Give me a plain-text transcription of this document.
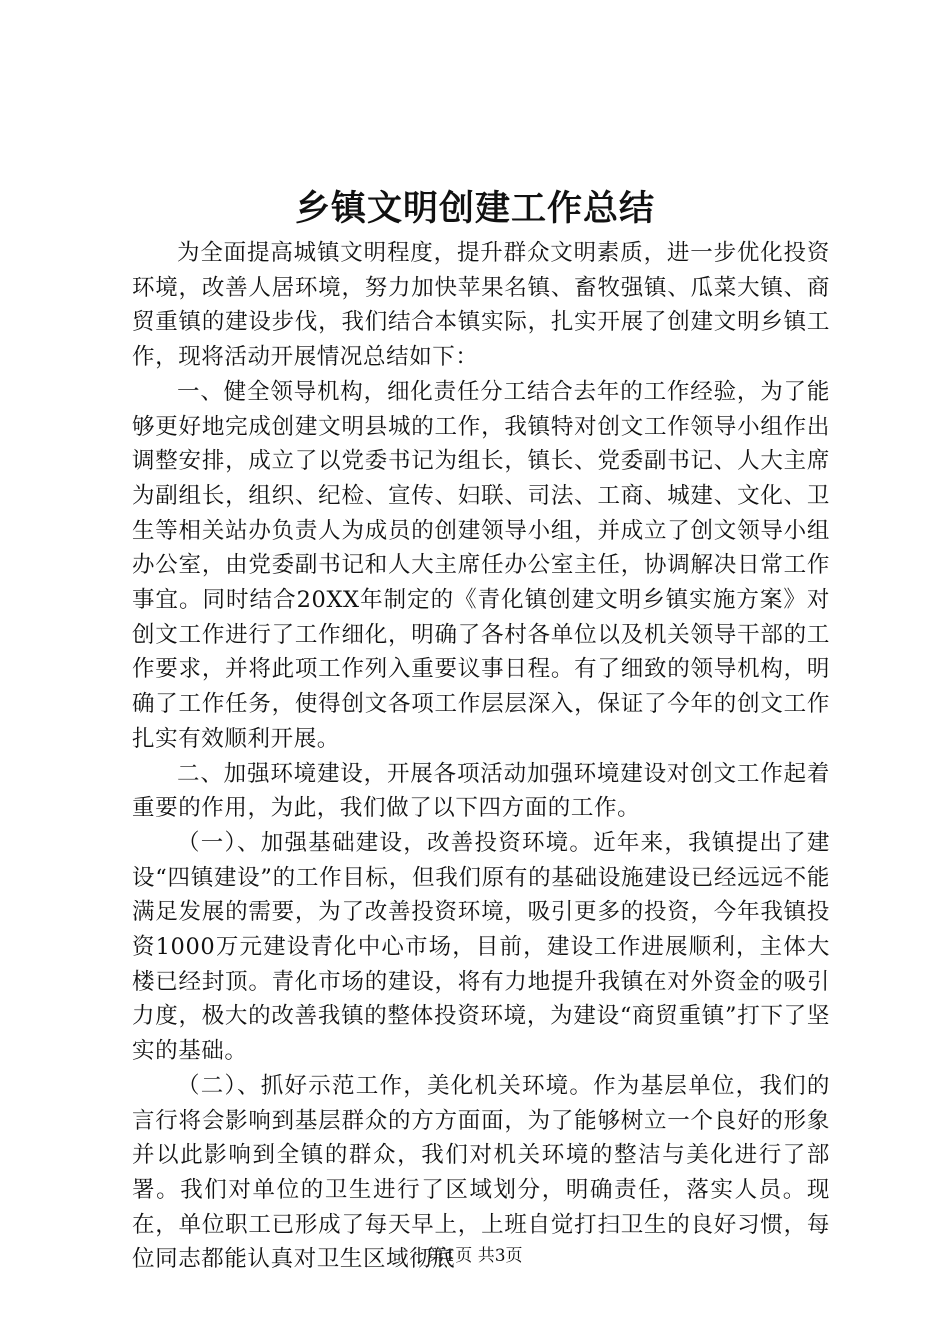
乡镇文明创建工作总结

为全面提高城镇文明程度，提升群众文明素质，进一步优化投资环境，改善人居环境，努力加快苹果名镇、畜牧强镇、瓜菜大镇、商贸重镇的建设步伐，我们结合本镇实际，扎实开展了创建文明乡镇工作，现将活动开展情况总结如下：

一、健全领导机构，细化责任分工结合去年的工作经验，为了能够更好地完成创建文明县城的工作，我镇特对创文工作领导小组作出调整安排，成立了以党委书记为组长，镇长、党委副书记、人大主席为副组长，组织、纪检、宣传、妇联、司法、工商、城建、文化、卫生等相关站办负责人为成员的创建领导小组，并成立了创文领导小组办公室，由党委副书记和人大主席任办公室主任，协调解决日常工作事宜。同时结合20XX年制定的《青化镇创建文明乡镇实施方案》对创文工作进行了工作细化，明确了各村各单位以及机关领导干部的工作要求，并将此项工作列入重要议事日程。有了细致的领导机构，明确了工作任务，使得创文各项工作层层深入，保证了今年的创文工作扎实有效顺利开展。

二、加强环境建设，开展各项活动加强环境建设对创文工作起着重要的作用，为此，我们做了以下四方面的工作。

（一）、加强基础建设，改善投资环境。近年来，我镇提出了建设“四镇建设”的工作目标，但我们原有的基础设施建设已经远远不能满足发展的需要，为了改善投资环境，吸引更多的投资，今年我镇投资1000万元建设青化中心市场，目前，建设工作进展顺利，主体大楼已经封顶。青化市场的建设，将有力地提升我镇在对外资金的吸引力度，极大的改善我镇的整体投资环境，为建设“商贸重镇”打下了坚实的基础。

（二）、抓好示范工作，美化机关环境。作为基层单位，我们的言行将会影响到基层群众的方方面面，为了能够树立一个良好的形象并以此影响到全镇的群众，我们对机关环境的整洁与美化进行了部署。我们对单位的卫生进行了区域划分，明确责任，落实人员。现在，单位职工已形成了每天早上，上班自觉打扫卫生的良好习惯，每位同志都能认真对卫生区域彻底

第1页 共3页
